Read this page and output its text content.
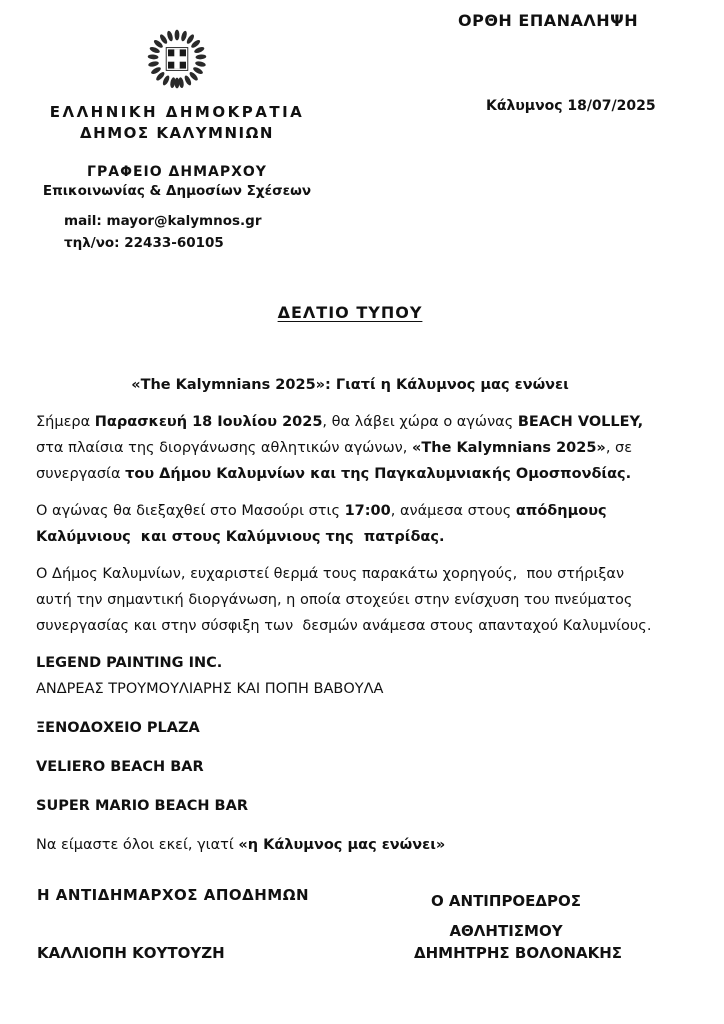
ΟΡΘΗ ΕΠΑΝΑΛΗΨΗ
Κάλυμνος 18/07/2025
ΕΛΛΗΝΙΚΗ ΔΗΜΟΚΡΑΤΙΑ
ΔΗΜΟΣ ΚΑΛΥΜΝΙΩΝ
ΓΡΑΦΕΙΟ ΔΗΜΑΡΧΟΥ
Επικοινωνίας & Δημοσίων Σχέσεων
mail: mayor@kalymnos.gr
τηλ/νο: 22433-60105
ΔΕΛΤΙΟ ΤΥΠΟΥ
«The Kalymnians 2025»: Γιατί η Κάλυμνος μας ενώνει
Σήμερα Παρασκευή 18 Ιουλίου 2025, θα λάβει χώρα ο αγώνας BEACH VOLLEY,  στα πλαίσια της διοργάνωσης αθλητικών αγώνων, «The Kalymnians 2025», σε συνεργασία του Δήμου Καλυμνίων και της Παγκαλυμνιακής Ομοσπονδίας.
Ο αγώνας θα διεξαχθεί στο Μασούρι στις 17:00, ανάμεσα στους απόδημους Καλύμνιους  και στους Καλύμνιους της  πατρίδας.
Ο Δήμος Καλυμνίων, ευχαριστεί θερμά τους παρακάτω χορηγούς,  που στήριξαν αυτή την σημαντική διοργάνωση, η οποία στοχεύει στην ενίσχυση του πνεύματος συνεργασίας και στην σύσφιξη των  δεσμών ανάμεσα στους απανταχού Καλυμνίους.
LEGEND PAINTING INC.
ΑΝΔΡΕΑΣ ΤΡΟΥΜΟΥΛΙΑΡΗΣ ΚΑΙ ΠΟΠΗ ΒΑΒΟΥΛΑ
ΞΕΝΟΔΟΧΕΙΟ PLAZA
VELIERO BEACH BAR
SUPER MARIO BEACH BAR
Να είμαστε όλοι εκεί, γιατί «η Κάλυμνος μας ενώνει»
Η ΑΝΤΙΔΗΜΑΡΧΟΣ ΑΠΟΔΗΜΩΝ	Ο ΑΝΤΙΠΡΟΕΔΡΟΣ
ΑΘΛΗΤΙΣΜΟΥ
ΚΑΛΛΙΟΠΗ ΚΟΥΤΟΥΖΗ	ΔΗΜΗΤΡΗΣ ΒΟΛΟΝΑΚΗΣ
